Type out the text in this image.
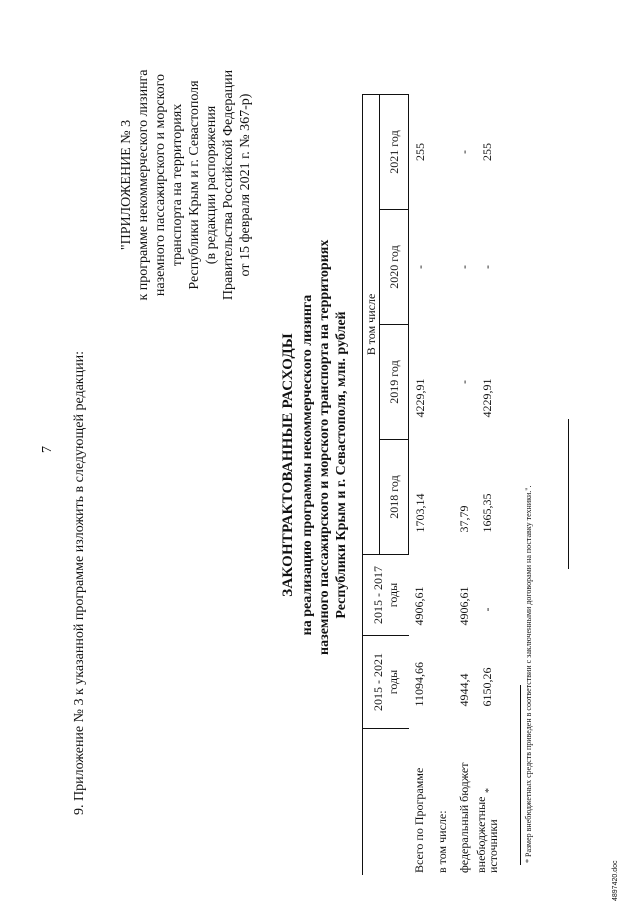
7 9. Приложение № 3 к указанной программе изложить в следующей редакции:
"ПРИЛОЖЕНИЕ № 3 к программе некоммерческого лизинга наземного пассажирского и морского транспорта на территориях Республики Крым и г. Севастополя (в редакции распоряжения Правительства Российской Федерации от 15 февраля 2021 г. № 367-р)
ЗАКОНТРАКТОВАННЫЕ РАСХОДЫ на реализацию программы некоммерческого лизинга наземного пассажирского и морского транспорта на территориях Республики Крым и г. Севастополя, млн. рублей
	2015 - 2021 годы	2015 - 2017 годы	В том числе			
			2018 год	2019 год	2020 год	2021 год
Всего по Программе	11094,66	4906,61	1703,14	4229,91	-	255
в том числе:						
федеральный бюджет	4944,4	4906,61	37,79	-	-	-
внебюджетные источники*	6150,26	-	1665,35	4229,91	-	255
* Размер внебюджетных средств приведен в соответствии с заключенными договорами на поставку техники.".
4897420.doc
